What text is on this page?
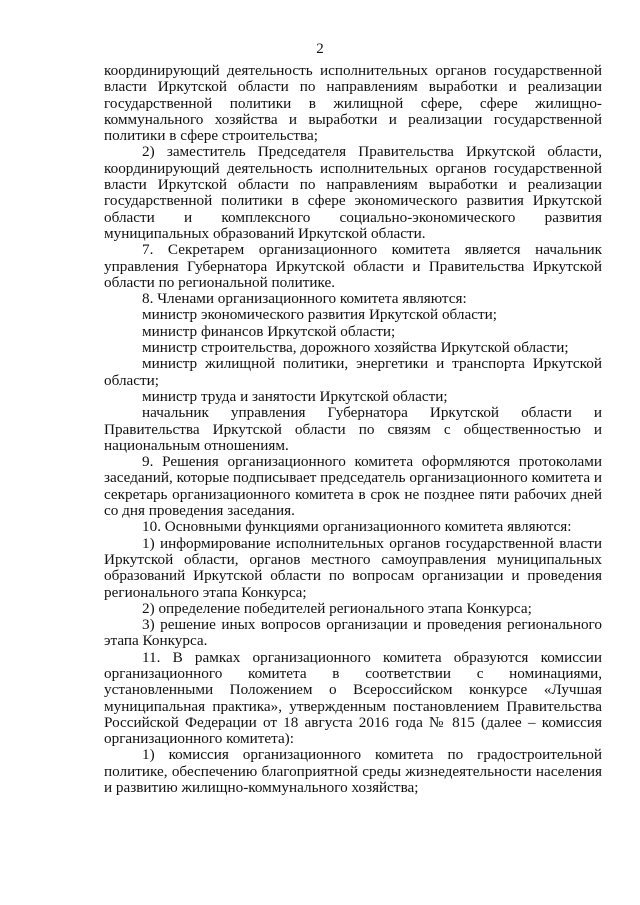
2

координирующий деятельность исполнительных органов государственной власти Иркутской области по направлениям выработки и реализации государственной политики в жилищной сфере, сфере жилищно-коммунального хозяйства и выработки и реализации государственной политики в сфере строительства;

2) заместитель Председателя Правительства Иркутской области, координирующий деятельность исполнительных органов государственной власти Иркутской области по направлениям выработки и реализации государственной политики в сфере экономического развития Иркутской области и комплексного социально-экономического развития муниципальных образований Иркутской области.

7. Секретарем организационного комитета является начальник управления Губернатора Иркутской области и Правительства Иркутской области по региональной политике.

8. Членами организационного комитета являются:

министр экономического развития Иркутской области;

министр финансов Иркутской области;

министр строительства, дорожного хозяйства Иркутской области;

министр жилищной политики, энергетики и транспорта Иркутской области;

министр труда и занятости Иркутской области;

начальник управления Губернатора Иркутской области и Правительства Иркутской области по связям с общественностью и национальным отношениям.

9. Решения организационного комитета оформляются протоколами заседаний, которые подписывает председатель организационного комитета и секретарь организационного комитета в срок не позднее пяти рабочих дней со дня проведения заседания.

10. Основными функциями организационного комитета являются:

1) информирование исполнительных органов государственной власти Иркутской области, органов местного самоуправления муниципальных образований Иркутской области по вопросам организации и проведения регионального этапа Конкурса;

2) определение победителей регионального этапа Конкурса;

3) решение иных вопросов организации и проведения регионального этапа Конкурса.

11. В рамках организационного комитета образуются комиссии организационного комитета в соответствии с номинациями, установленными Положением о Всероссийском конкурсе «Лучшая муниципальная практика», утвержденным постановлением Правительства Российской Федерации от 18 августа 2016 года № 815 (далее – комиссия организационного комитета):

1) комиссия организационного комитета по градостроительной политике, обеспечению благоприятной среды жизнедеятельности населения и развитию жилищно-коммунального хозяйства;
